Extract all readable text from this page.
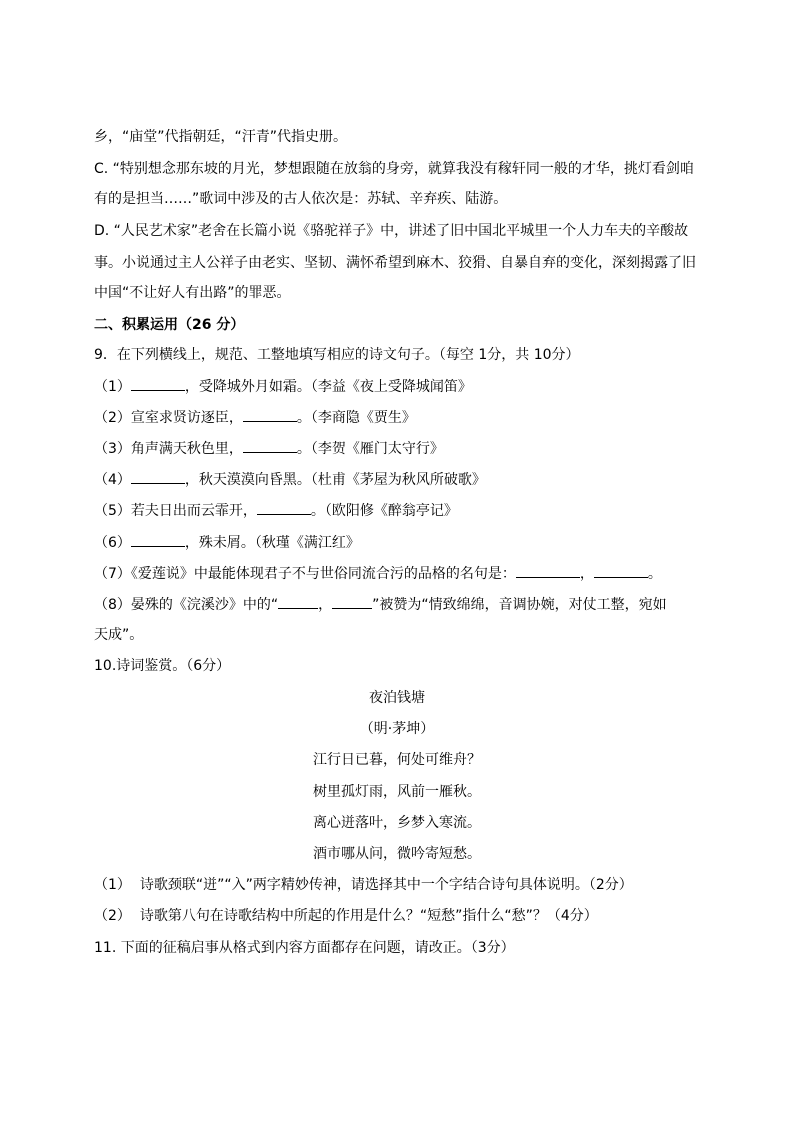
乡，“庙堂”代指朝廷，“汗青”代指史册。
C. “特别想念那东坡的月光，梦想跟随在放翁的身旁，就算我没有稼轩同一般的才华，挑灯看剑咱
有的是担当……”歌词中涉及的古人依次是：苏轼、辛弃疾、陆游。
D. “人民艺术家”老舍在长篇小说《骆驼祥子》中，讲述了旧中国北平城里一个人力车夫的辛酸故
事。小说通过主人公祥子由老实、坚韧、满怀希望到麻木、狡猾、自暴自弃的变化，深刻揭露了旧
中国“不让好人有出路”的罪恶。
二、积累运用（26 分）
9．在下列横线上，规范、工整地填写相应的诗文句子。（每空 1分，共 10分）
（1）	，受降城外月如霜。（李益《夜上受降城闻笛》
（2）宣室求贤访逐臣，	。（李商隐《贾生》
（3）角声满天秋色里，	。（李贺《雁门太守行》
（4）	，秋天漠漠向昏黑。（杜甫《茅屋为秋风所破歌》
（5）若夫日出而云霏开，	。（欧阳修《醉翁亭记》
（6）	，殊未屑。（秋瑾《满江红》
（7）《爱莲说》中最能体现君子不与世俗同流合污的品格的名句是：	，	。
（8）晏殊的《浣溪沙》中的“	，	”被赞为“情致绵绵，音调协婉，对仗工整，宛如
天成”。
10.诗词鉴赏。（6分）
夜泊钱塘
（明·茅坤）
江行日已暮，何处可维舟？
树里孤灯雨，风前一雁秋。
离心迸落叶，乡梦入寒流。
酒市哪从问，微吟寄短愁。
（1） 诗歌颈联“迸”“入”两字精妙传神，请选择其中一个字结合诗句具体说明。（2分）
（2） 诗歌第八句在诗歌结构中所起的作用是什么？“短愁”指什么“愁”？（4分）
11. 下面的征稿启事从格式到内容方面都存在问题，请改正。（3分）
